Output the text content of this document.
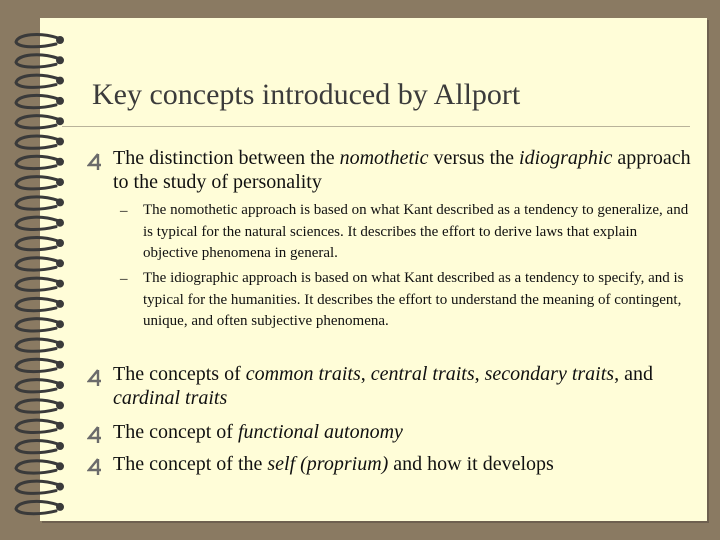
Key concepts introduced by Allport
The distinction between the nomothetic versus the idiographic approach to the study of personality
– The nomothetic approach is based on what Kant described as a tendency to generalize, and is typical for the natural sciences. It describes the effort to derive laws that explain objective phenomena in general.
– The idiographic approach is based on what Kant described as a tendency to specify, and is typical for the humanities. It describes the effort to understand the meaning of contingent, unique, and often subjective phenomena.
The concepts of common traits, central traits, secondary traits, and cardinal traits
The concept of functional autonomy
The concept of the self (proprium) and how it develops
